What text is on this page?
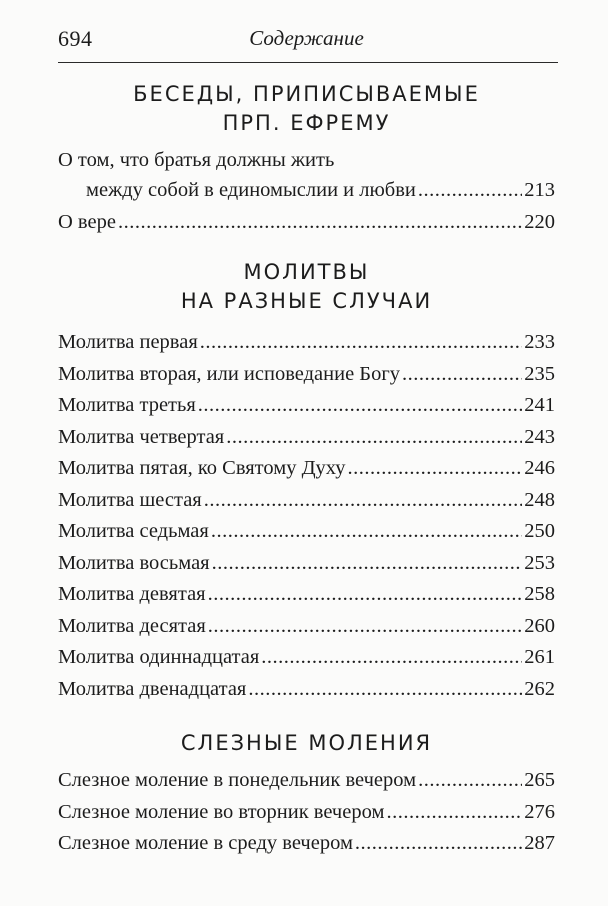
694	Содержание
БЕСЕДЫ, ПРИПИСЫВАЕМЫЕ
ПРП. ЕФРЕМУ
О том, что братья должны жить
между собой в единомыслии и любви .....	213
О вере .....	220
МОЛИТВЫ
НА РАЗНЫЕ СЛУЧАИ
Молитва первая .....	233
Молитва вторая, или исповедание Богу .....	235
Молитва третья .....	241
Молитва четвертая .....	243
Молитва пятая, ко Святому Духу .....	246
Молитва шестая .....	248
Молитва седьмая .....	250
Молитва восьмая .....	253
Молитва девятая .....	258
Молитва десятая .....	260
Молитва одиннадцатая .....	261
Молитва двенадцатая .....	262
СЛЕЗНЫЕ МОЛЕНИЯ
Слезное моление в понедельник вечером .....	265
Слезное моление во вторник вечером .....	276
Слезное моление в среду вечером .....	287
